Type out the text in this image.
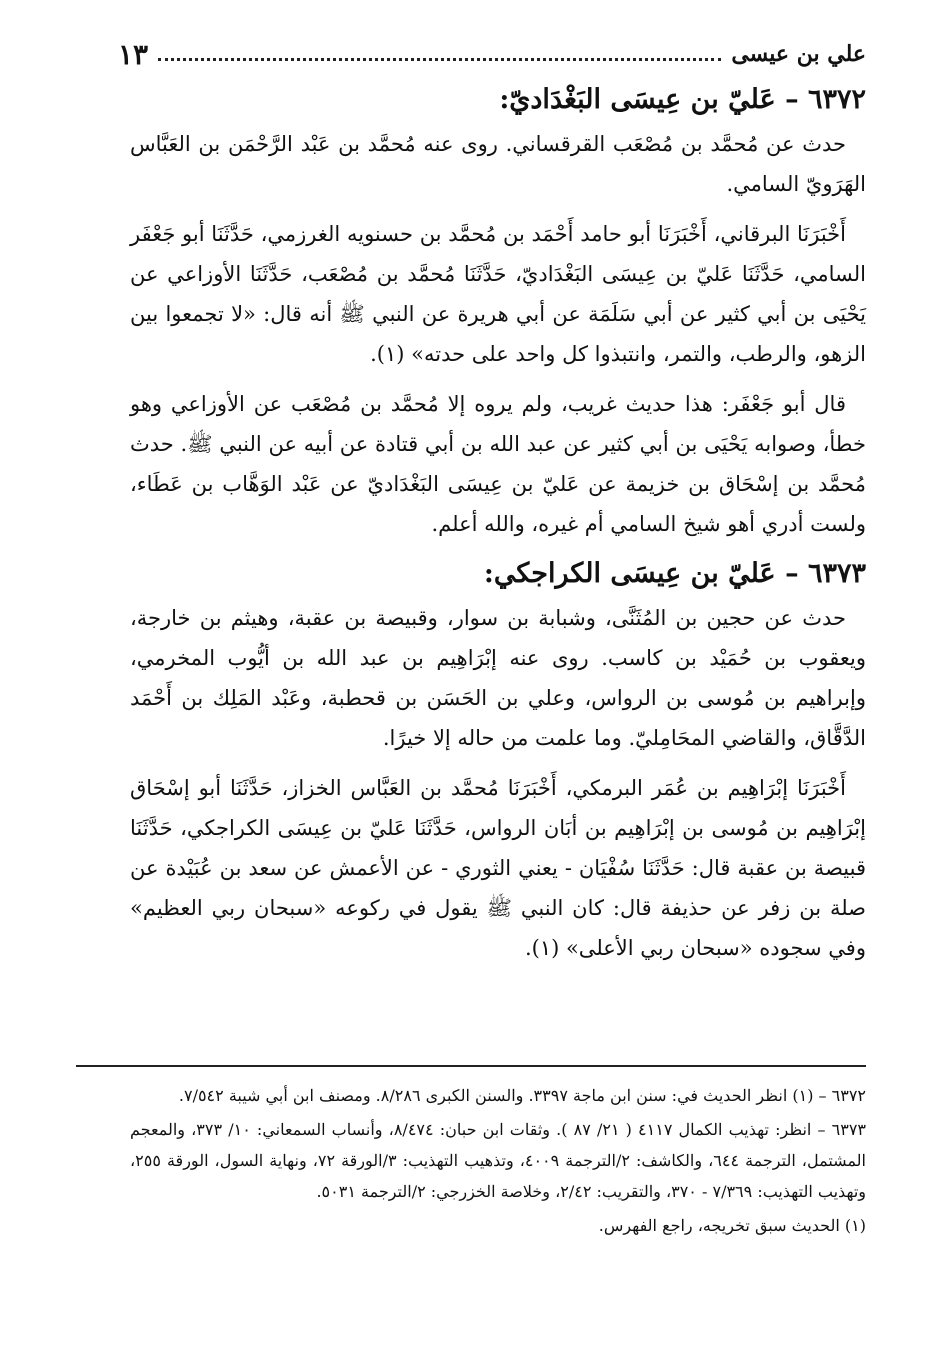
علي بن عيسى
١٣
٦٣٧٢ – عَليّ بن عِيسَى البَغْدَاديّ:

حدث عن مُحمَّد بن مُصْعَب القرقساني. روى عنه مُحمَّد بن عَبْد الرَّحْمَن بن العَبَّاس الهَرَويّ السامي.

أَخْبَرَنَا البرقاني، أَخْبَرَنَا أبو حامد أَحْمَد بن مُحمَّد بن حسنويه الغرزمي، حَدَّثَنَا أبو جَعْفَر السامي، حَدَّثَنَا عَليّ بن عِيسَى البَغْدَاديّ، حَدَّثَنَا مُحمَّد بن مُصْعَب، حَدَّثَنَا الأوزاعي عن يَحْيَى بن أبي كثير عن أبي سَلَمَة عن أبي هريرة عن النبي ﷺ أنه قال: «لا تجمعوا بين الزهو، والرطب، والتمر، وانتبذوا كل واحد على حدته» (١).

قال أبو جَعْفَر: هذا حديث غريب، ولم يروه إلا مُحمَّد بن مُصْعَب عن الأوزاعي وهو خطأ، وصوابه يَحْيَى بن أبي كثير عن عبد الله بن أبي قتادة عن أبيه عن النبي ﷺ. حدث مُحمَّد بن إسْحَاق بن خزيمة عن عَليّ بن عِيسَى البَغْدَاديّ عن عَبْد الوَهَّاب بن عَطَاء، ولست أدري أهو شيخ السامي أم غيره، والله أعلم.

٦٣٧٣ – عَليّ بن عِيسَى الكراجكي:

حدث عن حجين بن المُثَنَّى، وشبابة بن سوار، وقبيصة بن عقبة، وهيثم بن خارجة، ويعقوب بن حُمَيْد بن كاسب. روى عنه إبْرَاهِيم بن عبد الله بن أيُّوب المخرمي، وإبراهيم بن مُوسى بن الرواس، وعلي بن الحَسَن بن قحطبة، وعَبْد المَلِك بن أَحْمَد الدَّقَّاق، والقاضي المحَامِليّ. وما علمت من حاله إلا خيرًا.

أَخْبَرَنَا إبْرَاهِيم بن عُمَر البرمكي، أَخْبَرَنَا مُحمَّد بن العَبَّاس الخزاز، حَدَّثَنَا أبو إسْحَاق إبْرَاهِيم بن مُوسى بن إبْرَاهِيم بن أبَان الرواس، حَدَّثَنَا عَليّ بن عِيسَى الكراجكي، حَدَّثَنَا قبيصة بن عقبة قال: حَدَّثَنَا سُفْيَان - يعني الثوري - عن الأعمش عن سعد بن عُبَيْدة عن صلة بن زفر عن حذيفة قال: كان النبي ﷺ يقول في ركوعه «سبحان ربي العظيم» وفي سجوده «سبحان ربي الأعلى» (١).

٦٣٧٢ – (١) انظر الحديث في: سنن ابن ماجة ٣٣٩٧. والسنن الكبرى ٨/٢٨٦. ومصنف ابن أبي شيبة ٧/٥٤٢.

٦٣٧٣ – انظر: تهذيب الكمال ٤١١٧ ( ٢١/ ٨٧ ). وثقات ابن حبان: ٨/٤٧٤، وأنساب السمعاني: ١٠/ ٣٧٣، والمعجم المشتمل، الترجمة ٦٤٤، والكاشف: ٢/الترجمة ٤٠٠٩، وتذهيب التهذيب: ٣/الورقة ٧٢، ونهاية السول، الورقة ٢٥٥، وتهذيب التهذيب: ٧/٣٦٩ - ٣٧٠، والتقريب: ٢/٤٢، وخلاصة الخزرجي: ٢/الترجمة ٥٠٣١.

(١) الحديث سبق تخريجه، راجع الفهرس.
